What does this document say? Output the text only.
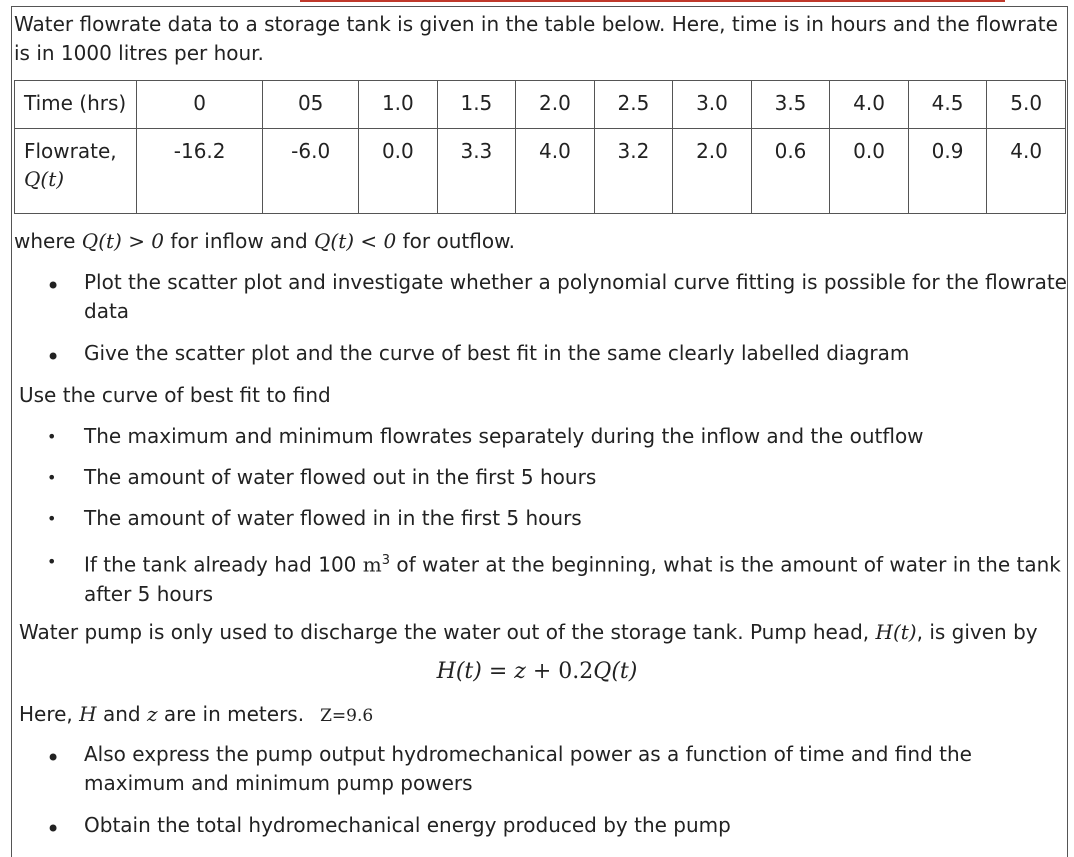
Water flowrate data to a storage tank is given in the table below. Here, time is in hours and the flowrate is in 1000 litres per hour.
Time (hrs)	0	05	1.0	1.5	2.0	2.5	3.0	3.5	4.0	4.5	5.0

Flowrate,
Q(t)	-16.2	-6.0	0.0	3.3	4.0	3.2	2.0	0.6	0.0	0.9	4.0
where Q(t) > 0 for inflow and Q(t) < 0 for outflow.
• Plot the scatter plot and investigate whether a polynomial curve fitting is possible for the flowrate data
• Give the scatter plot and the curve of best fit in the same clearly labelled diagram
Use the curve of best fit to find
• The maximum and minimum flowrates separately during the inflow and the outflow
• The amount of water flowed out in the first 5 hours
• The amount of water flowed in in the first 5 hours
• If the tank already had 100 $m^3$ of water at the beginning, what is the amount of water in the tank after 5 hours
Water pump is only used to discharge the water out of the storage tank. Pump head, H(t), is given by
H(t) = z + 0.2Q(t)
Here, H and z are in meters. Z=9.6
• Also express the pump output hydromechanical power as a function of time and find the maximum and minimum pump powers
• Obtain the total hydromechanical energy produced by the pump
